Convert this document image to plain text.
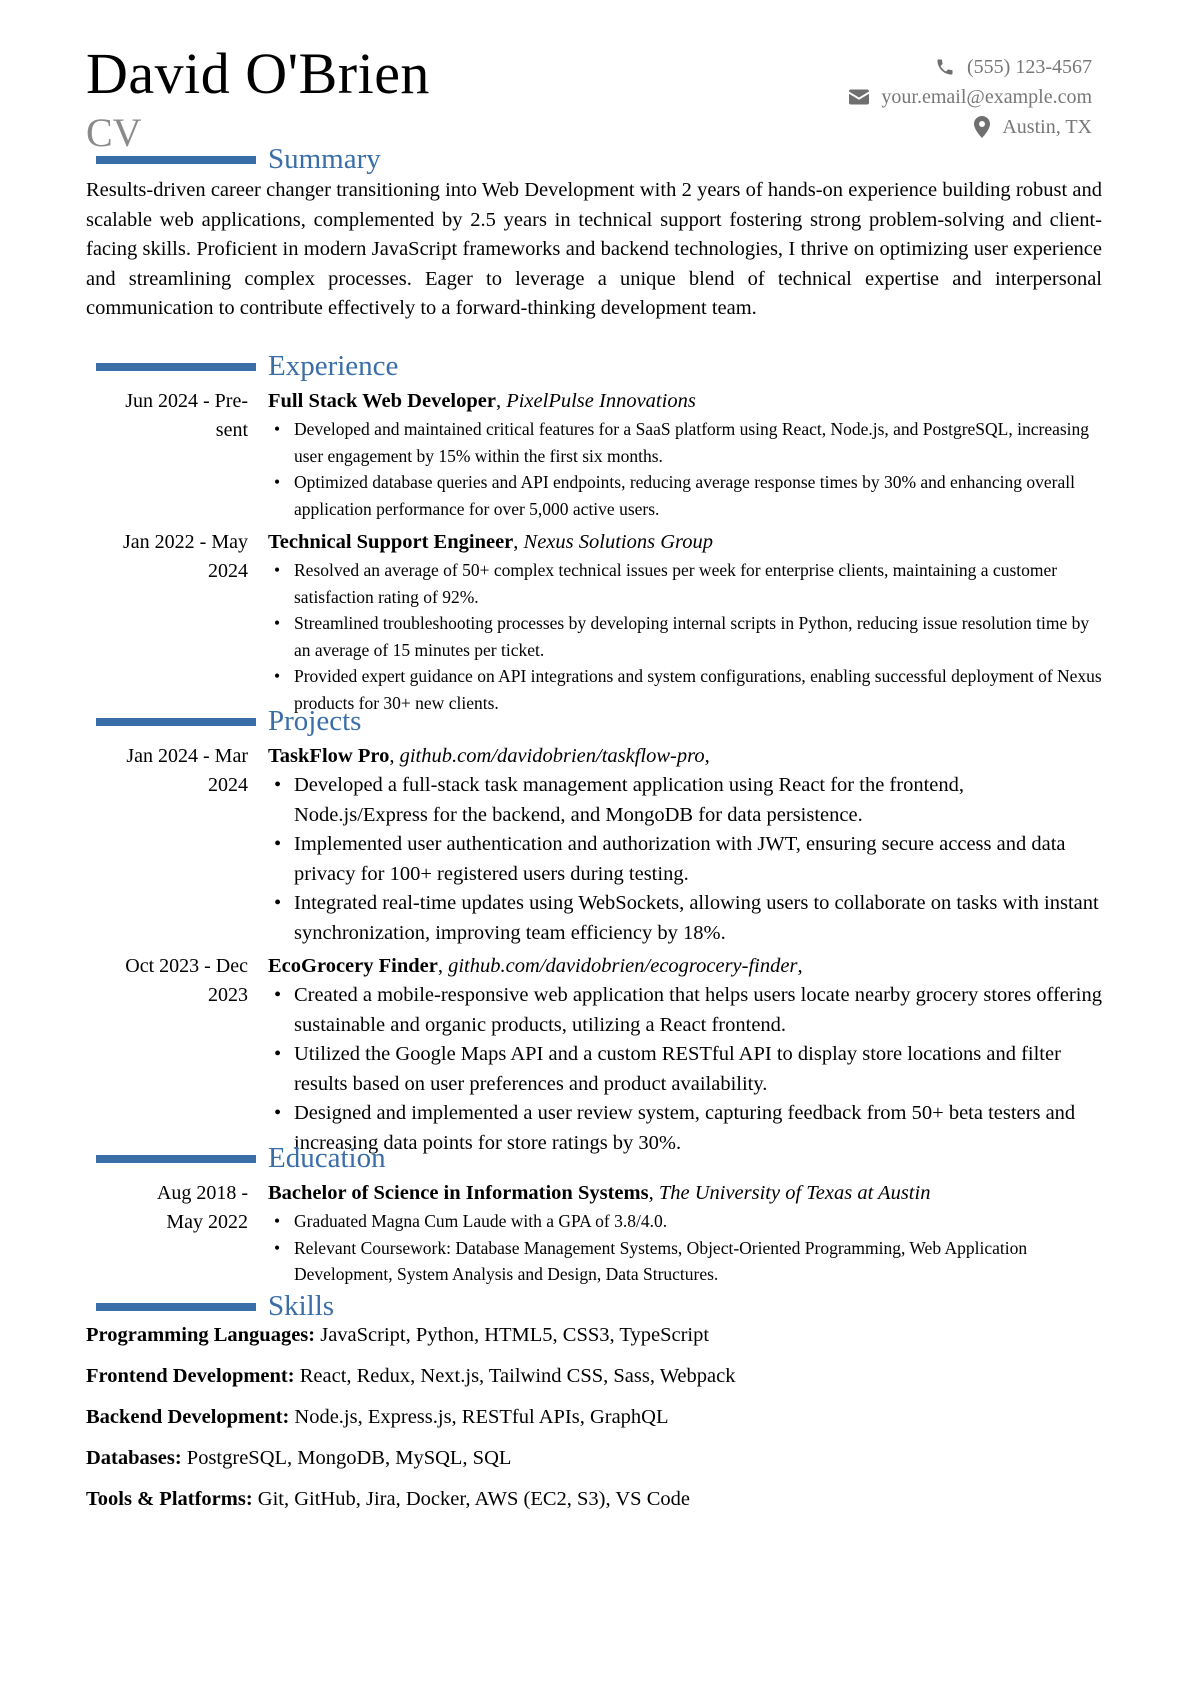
David O'Brien
CV
(555) 123-4567
your.email@example.com
Austin, TX
Summary
Results-driven career changer transitioning into Web Development with 2 years of hands-on experience building robust and scalable web applications, complemented by 2.5 years in technical support fostering strong problem-solving and client-facing skills. Proficient in modern JavaScript frameworks and backend technologies, I thrive on optimizing user experience and streamlining complex processes. Eager to leverage a unique blend of technical expertise and interpersonal communication to contribute effectively to a forward-thinking development team.
Experience
Jun 2024 - Pre-
sent
Full Stack Web Developer, PixelPulse Innovations
• Developed and maintained critical features for a SaaS platform using React, Node.js, and PostgreSQL, increasing user engagement by 15% within the first six months.
• Optimized database queries and API endpoints, reducing average response times by 30% and enhancing overall application performance for over 5,000 active users.
Jan 2022 - May
2024
Technical Support Engineer, Nexus Solutions Group
• Resolved an average of 50+ complex technical issues per week for enterprise clients, maintaining a customer satisfaction rating of 92%.
• Streamlined troubleshooting processes by developing internal scripts in Python, reducing issue resolution time by an average of 15 minutes per ticket.
• Provided expert guidance on API integrations and system configurations, enabling successful deployment of Nexus products for 30+ new clients.
Projects
Jan 2024 - Mar
2024
TaskFlow Pro, github.com/davidobrien/taskflow-pro,
• Developed a full-stack task management application using React for the frontend, Node.js/Express for the backend, and MongoDB for data persistence.
• Implemented user authentication and authorization with JWT, ensuring secure access and data privacy for 100+ registered users during testing.
• Integrated real-time updates using WebSockets, allowing users to collaborate on tasks with instant synchronization, improving team efficiency by 18%.
Oct 2023 - Dec
2023
EcoGrocery Finder, github.com/davidobrien/ecogrocery-finder,
• Created a mobile-responsive web application that helps users locate nearby grocery stores offering sustainable and organic products, utilizing a React frontend.
• Utilized the Google Maps API and a custom RESTful API to display store locations and filter results based on user preferences and product availability.
• Designed and implemented a user review system, capturing feedback from 50+ beta testers and increasing data points for store ratings by 30%.
Education
Aug 2018 -
May 2022
Bachelor of Science in Information Systems, The University of Texas at Austin
• Graduated Magna Cum Laude with a GPA of 3.8/4.0.
• Relevant Coursework: Database Management Systems, Object-Oriented Programming, Web Application Development, System Analysis and Design, Data Structures.
Skills
Programming Languages: JavaScript, Python, HTML5, CSS3, TypeScript
Frontend Development: React, Redux, Next.js, Tailwind CSS, Sass, Webpack
Backend Development: Node.js, Express.js, RESTful APIs, GraphQL
Databases: PostgreSQL, MongoDB, MySQL, SQL
Tools & Platforms: Git, GitHub, Jira, Docker, AWS (EC2, S3), VS Code
